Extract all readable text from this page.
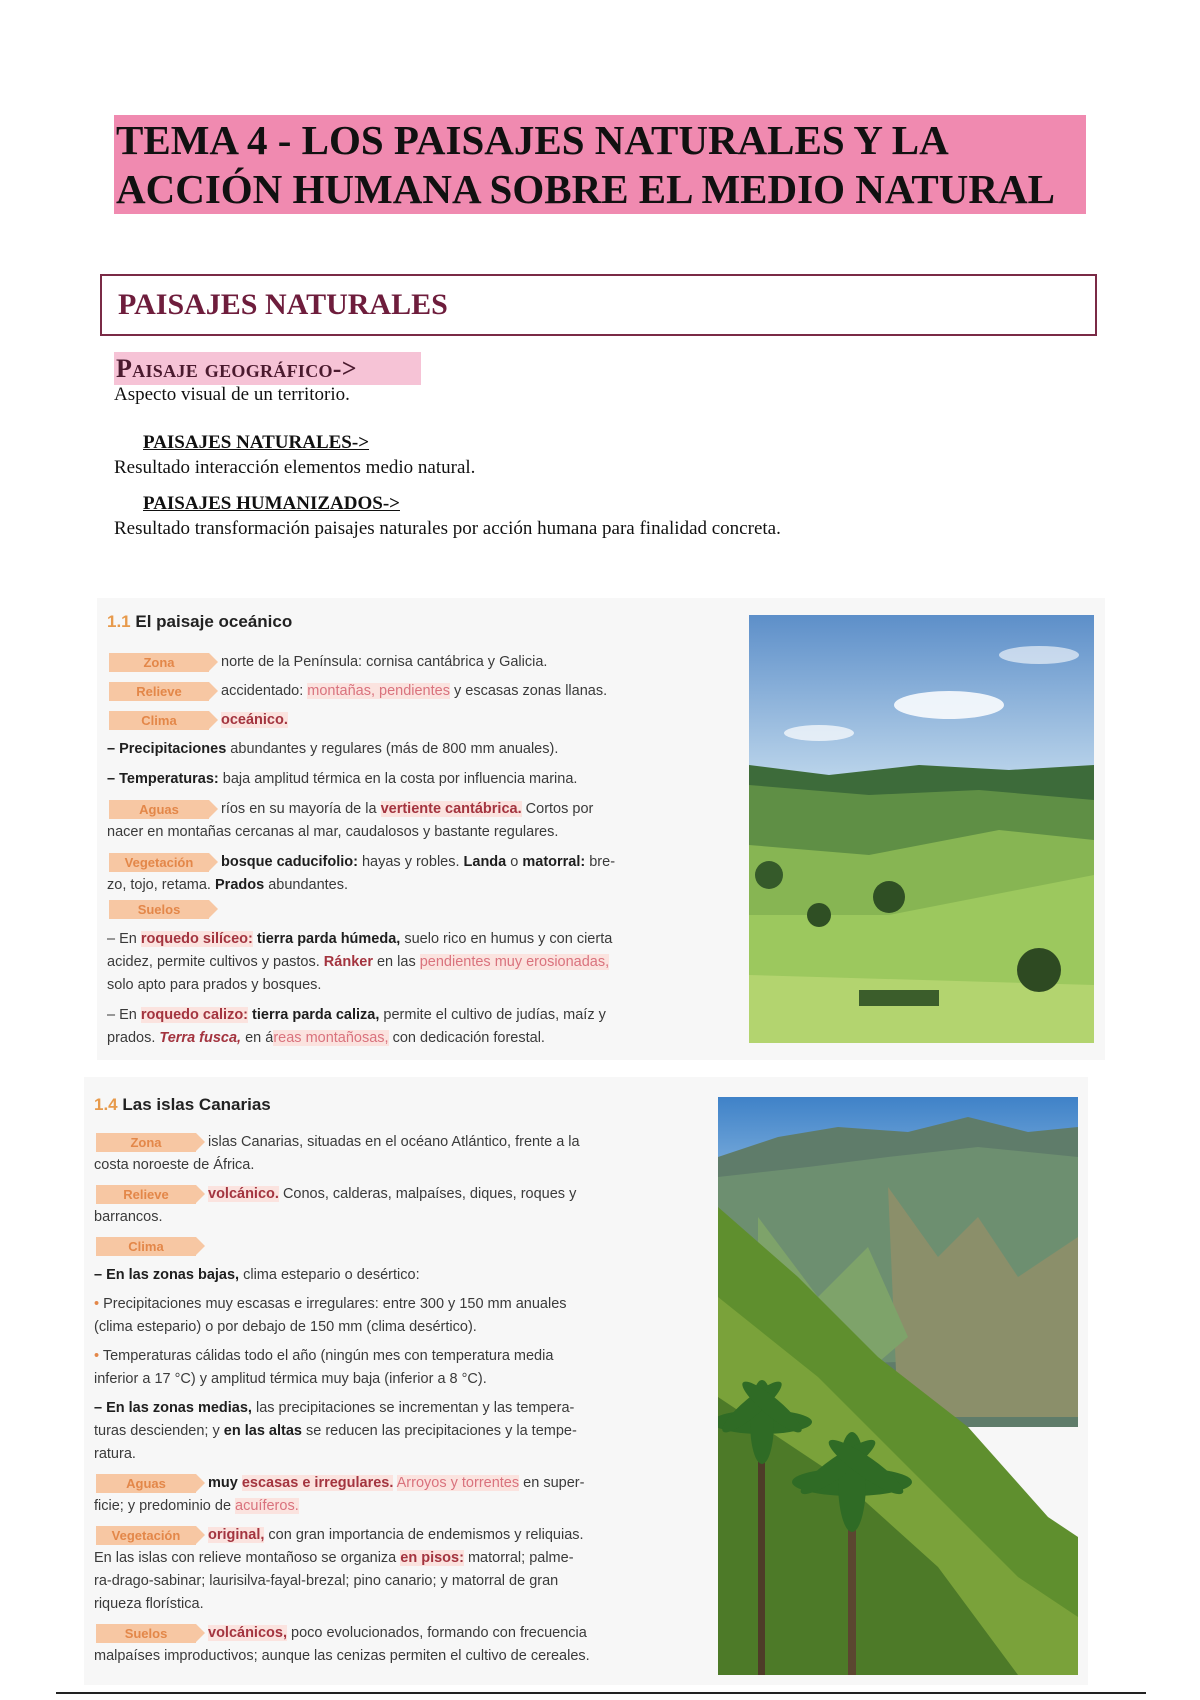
TEMA 4 - LOS PAISAJES NATURALES Y LA
ACCIÓN HUMANA SOBRE EL MEDIO NATURAL
PAISAJES NATURALES
Paisaje geográfico->

Aspecto visual de un territorio.

PAISAJES NATURALES->

Resultado interacción elementos medio natural.

PAISAJES HUMANIZADOS->

Resultado transformación paisajes naturales por acción humana para finalidad concreta.

1.1 El paisaje oceánico

Zona	norte de la Península: cornisa cantábrica y Galicia.

Relieve	accidentado: montañas, pendientes y escasas zonas llanas.

Clima	oceánico.

– Precipitaciones abundantes y regulares (más de 800 mm anuales).

– Temperaturas: baja amplitud térmica en la costa por influencia marina.

Aguas	ríos en su mayoría de la vertiente cantábrica. Cortos por

nacer en montañas cercanas al mar, caudalosos y bastante regulares.

Vegetación bosque caducifolio: hayas y robles. Landa o matorral: bre-

zo, tojo, retama. Prados abundantes.

Suelos

– En roquedo silíceo: tierra parda húmeda, suelo rico en humus y con cierta

acidez, permite cultivos y pastos. Ránker en las pendientes muy erosionadas,

solo apto para prados y bosques.

– En roquedo calizo: tierra parda caliza, permite el cultivo de judías, maíz y

prados. Terra fusca, en áreas montañosas, con dedicación forestal.

1.4 Las islas Canarias

Zona	islas Canarias, situadas en el océano Atlántico, frente a la

costa noroeste de África.

Relieve	volcánico. Conos, calderas, malpaíses, diques, roques y

barrancos.

Clima

– En las zonas bajas, clima estepario o desértico:

• Precipitaciones muy escasas e irregulares: entre 300 y 150 mm anuales

(clima estepario) o por debajo de 150 mm (clima desértico).

• Temperaturas cálidas todo el año (ningún mes con temperatura media

inferior a 17 °C) y amplitud térmica muy baja (inferior a 8 °C).

– En las zonas medias, las precipitaciones se incrementan y las tempera-

turas descienden; y en las altas se reducen las precipitaciones y la tempe-

ratura.

Aguas	muy escasas e irregulares. Arroyos y torrentes en super-

ficie; y predominio de acuíferos.

Vegetación original, con gran importancia de endemismos y reliquias.

En las islas con relieve montañoso se organiza en pisos: matorral; palme-

ra-drago-sabinar; laurisilva-fayal-brezal; pino canario; y matorral de gran

riqueza florística.

Suelos	volcánicos, poco evolucionados, formando con frecuencia

malpaíses improductivos; aunque las cenizas permiten el cultivo de cereales.
